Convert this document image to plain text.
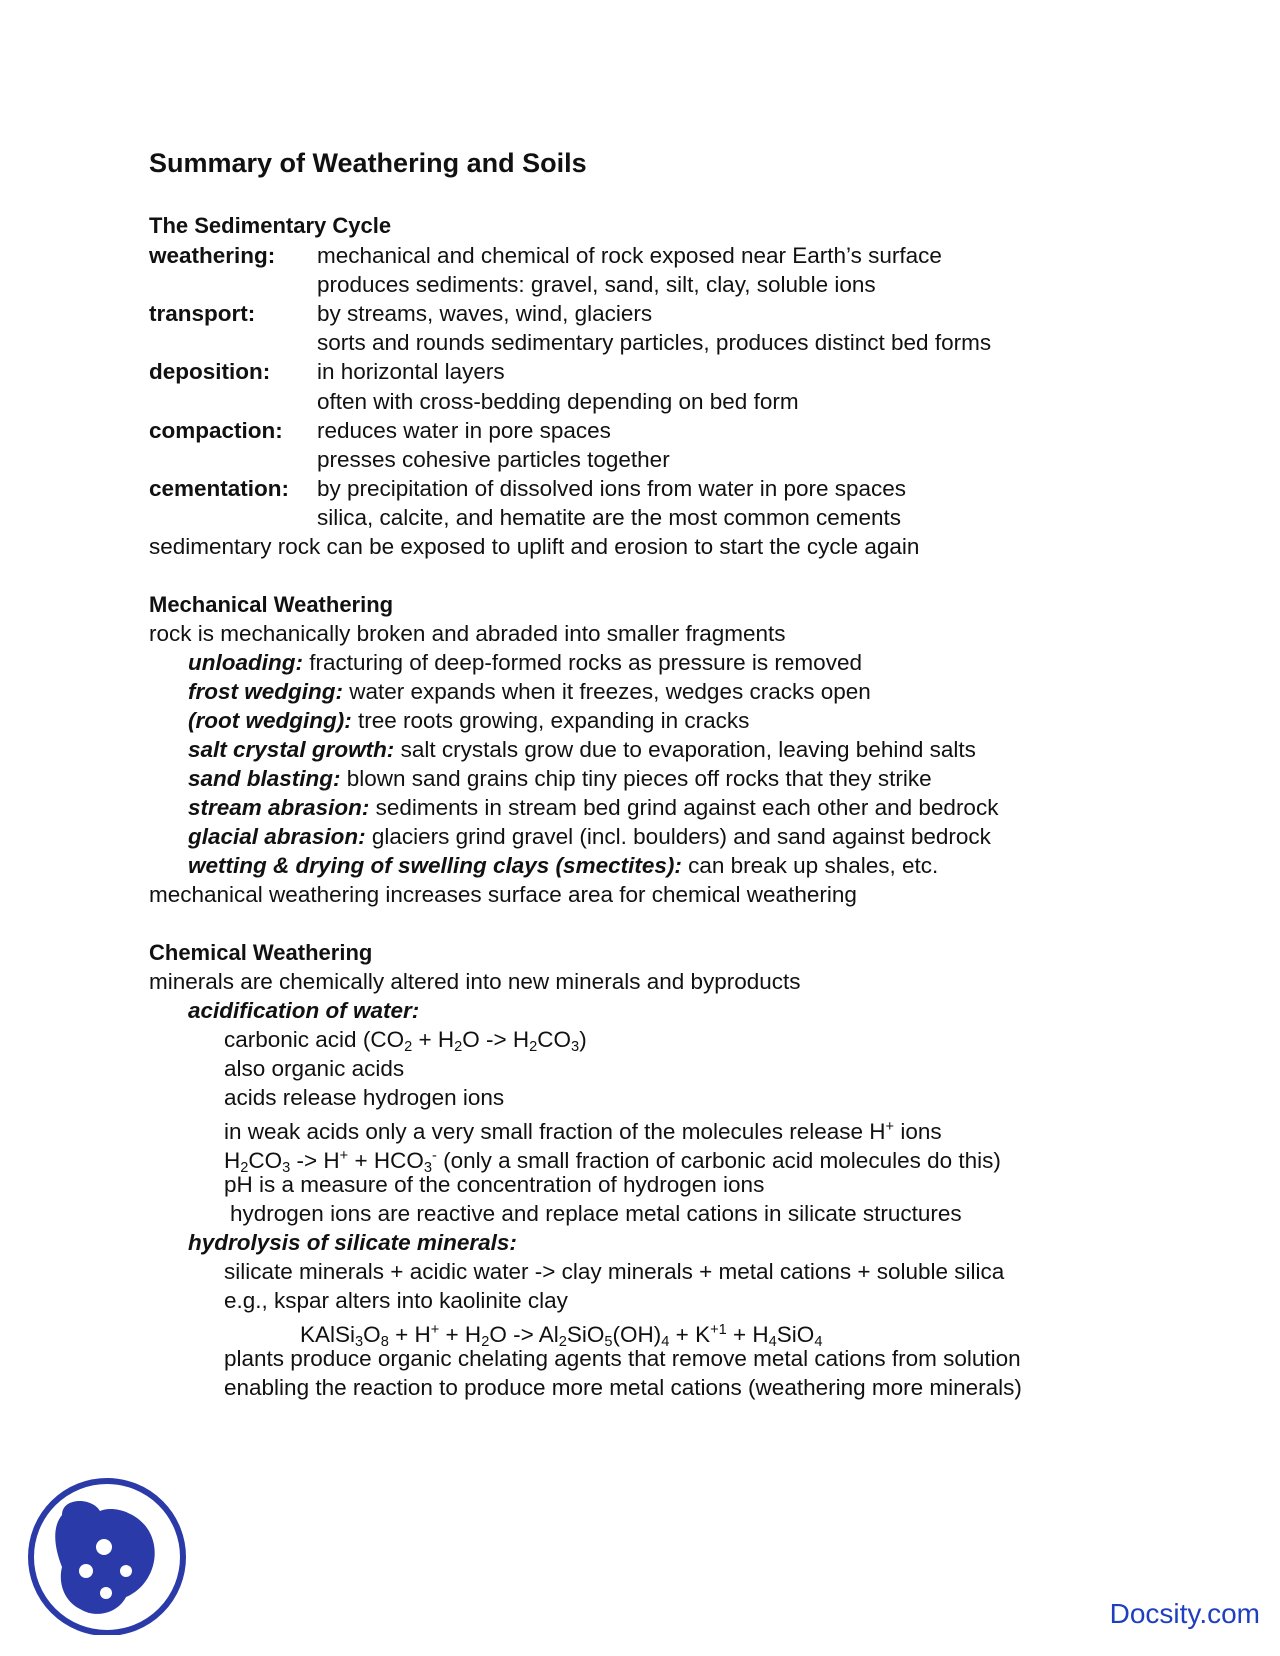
Summary of Weathering and Soils
The Sedimentary Cycle
weathering: mechanical and chemical of rock exposed near Earth’s surface
produces sediments: gravel, sand, silt, clay, soluble ions
transport:	by streams, waves, wind, glaciers
sorts and rounds sedimentary particles, produces distinct bed forms
deposition: in horizontal layers
often with cross-bedding depending on bed form
compaction: reduces water in pore spaces
presses cohesive particles together
cementation: by precipitation of dissolved ions from water in pore spaces
silica, calcite, and hematite are the most common cements
sedimentary rock can be exposed to uplift and erosion to start the cycle again
Mechanical Weathering
rock is mechanically broken and abraded into smaller fragments
unloading: fracturing of deep-formed rocks as pressure is removed
frost wedging: water expands when it freezes, wedges cracks open
(root wedging): tree roots growing, expanding in cracks
salt crystal growth: salt crystals grow due to evaporation, leaving behind salts
sand blasting: blown sand grains chip tiny pieces off rocks that they strike
stream abrasion: sediments in stream bed grind against each other and bedrock
glacial abrasion: glaciers grind gravel (incl. boulders) and sand against bedrock
wetting & drying of swelling clays (smectites): can break up shales, etc.
mechanical weathering increases surface area for chemical weathering
Chemical Weathering
minerals are chemically altered into new minerals and byproducts
acidification of water:
carbonic acid $(CO_2 + H_2O -> H_2CO_3)$
also organic acids
acids release hydrogen ions
in weak acids only a very small fraction of the molecules release H+ ions
$H_2CO_3 -> H^+ + HCO_3^-$ (only a small fraction of carbonic acid molecules do this)
pH is a measure of the concentration of hydrogen ions
hydrogen ions are reactive and replace metal cations in silicate structures
hydrolysis of silicate minerals:
silicate minerals + acidic water -> clay minerals + metal cations + soluble silica
e.g., kspar alters into kaolinite clay
$KAlSi_3O_8 + H^+ + H_2O -> Al_2SiO_5(OH)_4 + K^{+1} + H_4SiO_4$
plants produce organic chelating agents that remove metal cations from solution
enabling the reaction to produce more metal cations (weathering more minerals)
Docsity.com
